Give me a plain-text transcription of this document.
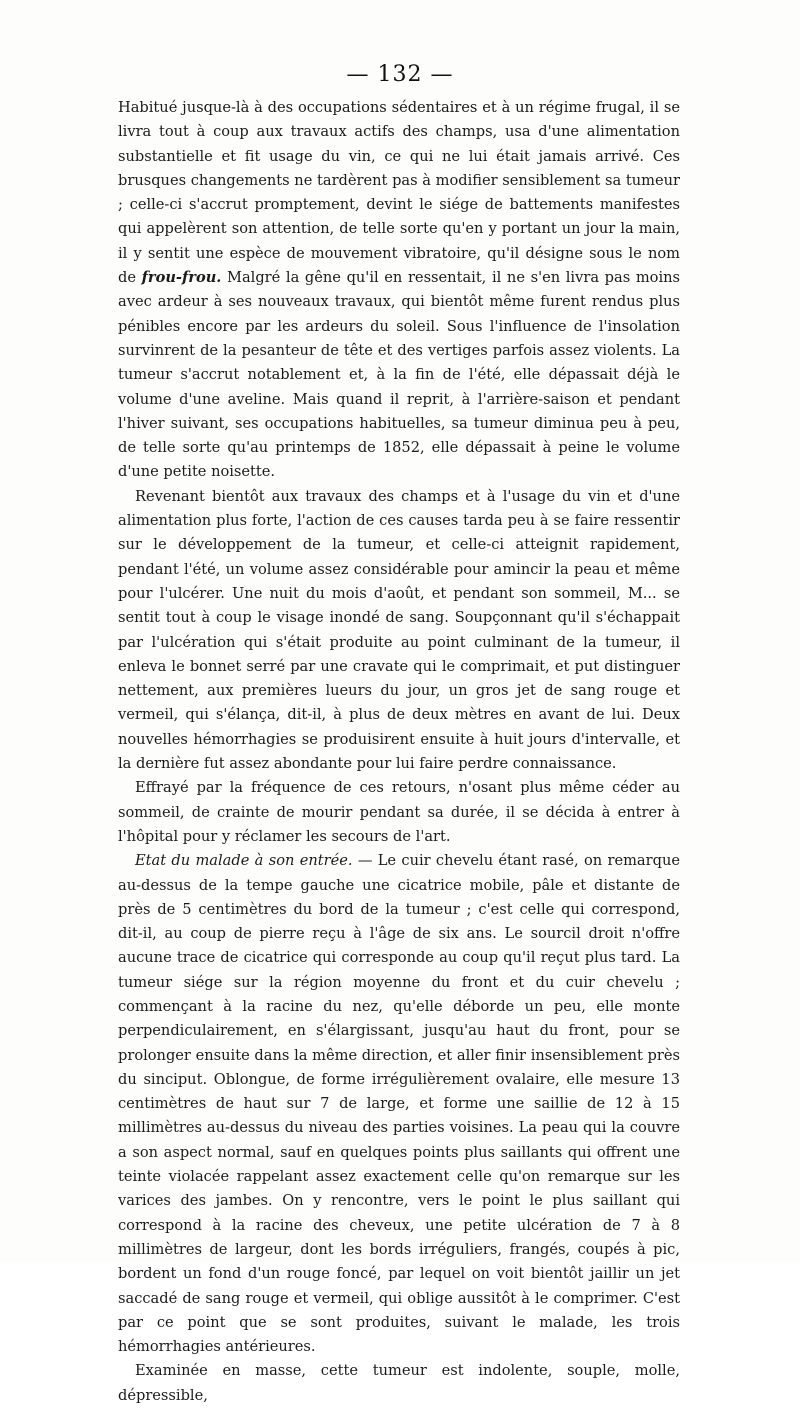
— 132 —

Habitué jusque-là à des occupations sédentaires et à un régime frugal, il se livra tout à coup aux travaux actifs des champs, usa d'une alimentation substantielle et fit usage du vin, ce qui ne lui était jamais arrivé. Ces brusques changements ne tardèrent pas à modifier sensiblement sa tumeur ; celle-ci s'accrut promptement, devint le siége de battements manifestes qui appelèrent son attention, de telle sorte qu'en y portant un jour la main, il y sentit une espèce de mouvement vibratoire, qu'il désigne sous le nom de frou-frou. Malgré la gêne qu'il en ressentait, il ne s'en livra pas moins avec ardeur à ses nouveaux travaux, qui bientôt même furent rendus plus pénibles encore par les ardeurs du soleil. Sous l'influence de l'insolation survinrent de la pesanteur de tête et des vertiges parfois assez violents. La tumeur s'accrut notablement et, à la fin de l'été, elle dépassait déjà le volume d'une aveline. Mais quand il reprit, à l'arrière-saison et pendant l'hiver suivant, ses occupations habituelles, sa tumeur diminua peu à peu, de telle sorte qu'au printemps de 1852, elle dépassait à peine le volume d'une petite noisette.

Revenant bientôt aux travaux des champs et à l'usage du vin et d'une alimentation plus forte, l'action de ces causes tarda peu à se faire ressentir sur le développement de la tumeur, et celle-ci atteignit rapidement, pendant l'été, un volume assez considérable pour amincir la peau et même pour l'ulcérer. Une nuit du mois d'août, et pendant son sommeil, M... se sentit tout à coup le visage inondé de sang. Soupçonnant qu'il s'échappait par l'ulcération qui s'était produite au point culminant de la tumeur, il enleva le bonnet serré par une cravate qui le comprimait, et put distinguer nettement, aux premières lueurs du jour, un gros jet de sang rouge et vermeil, qui s'élança, dit-il, à plus de deux mètres en avant de lui. Deux nouvelles hémorrhagies se produisirent ensuite à huit jours d'intervalle, et la dernière fut assez abondante pour lui faire perdre connaissance.

Effrayé par la fréquence de ces retours, n'osant plus même céder au sommeil, de crainte de mourir pendant sa durée, il se décida à entrer à l'hôpital pour y réclamer les secours de l'art.

Etat du malade à son entrée. — Le cuir chevelu étant rasé, on remarque au-dessus de la tempe gauche une cicatrice mobile, pâle et distante de près de 5 centimètres du bord de la tumeur ; c'est celle qui correspond, dit-il, au coup de pierre reçu à l'âge de six ans. Le sourcil droit n'offre aucune trace de cicatrice qui corresponde au coup qu'il reçut plus tard. La tumeur siége sur la région moyenne du front et du cuir chevelu ; commençant à la racine du nez, qu'elle déborde un peu, elle monte perpendiculairement, en s'élargissant, jusqu'au haut du front, pour se prolonger ensuite dans la même direction, et aller finir insensiblement près du sinciput. Oblongue, de forme irrégulièrement ovalaire, elle mesure 13 centimètres de haut sur 7 de large, et forme une saillie de 12 à 15 millimètres au-dessus du niveau des parties voisines. La peau qui la couvre a son aspect normal, sauf en quelques points plus saillants qui offrent une teinte violacée rappelant assez exactement celle qu'on remarque sur les varices des jambes. On y rencontre, vers le point le plus saillant qui correspond à la racine des cheveux, une petite ulcération de 7 à 8 millimètres de largeur, dont les bords irréguliers, frangés, coupés à pic, bordent un fond d'un rouge foncé, par lequel on voit bientôt jaillir un jet saccadé de sang rouge et vermeil, qui oblige aussitôt à le comprimer. C'est par ce point que se sont produites, suivant le malade, les trois hémorrhagies antérieures.

Examinée en masse, cette tumeur est indolente, souple, molle, dépressible,
